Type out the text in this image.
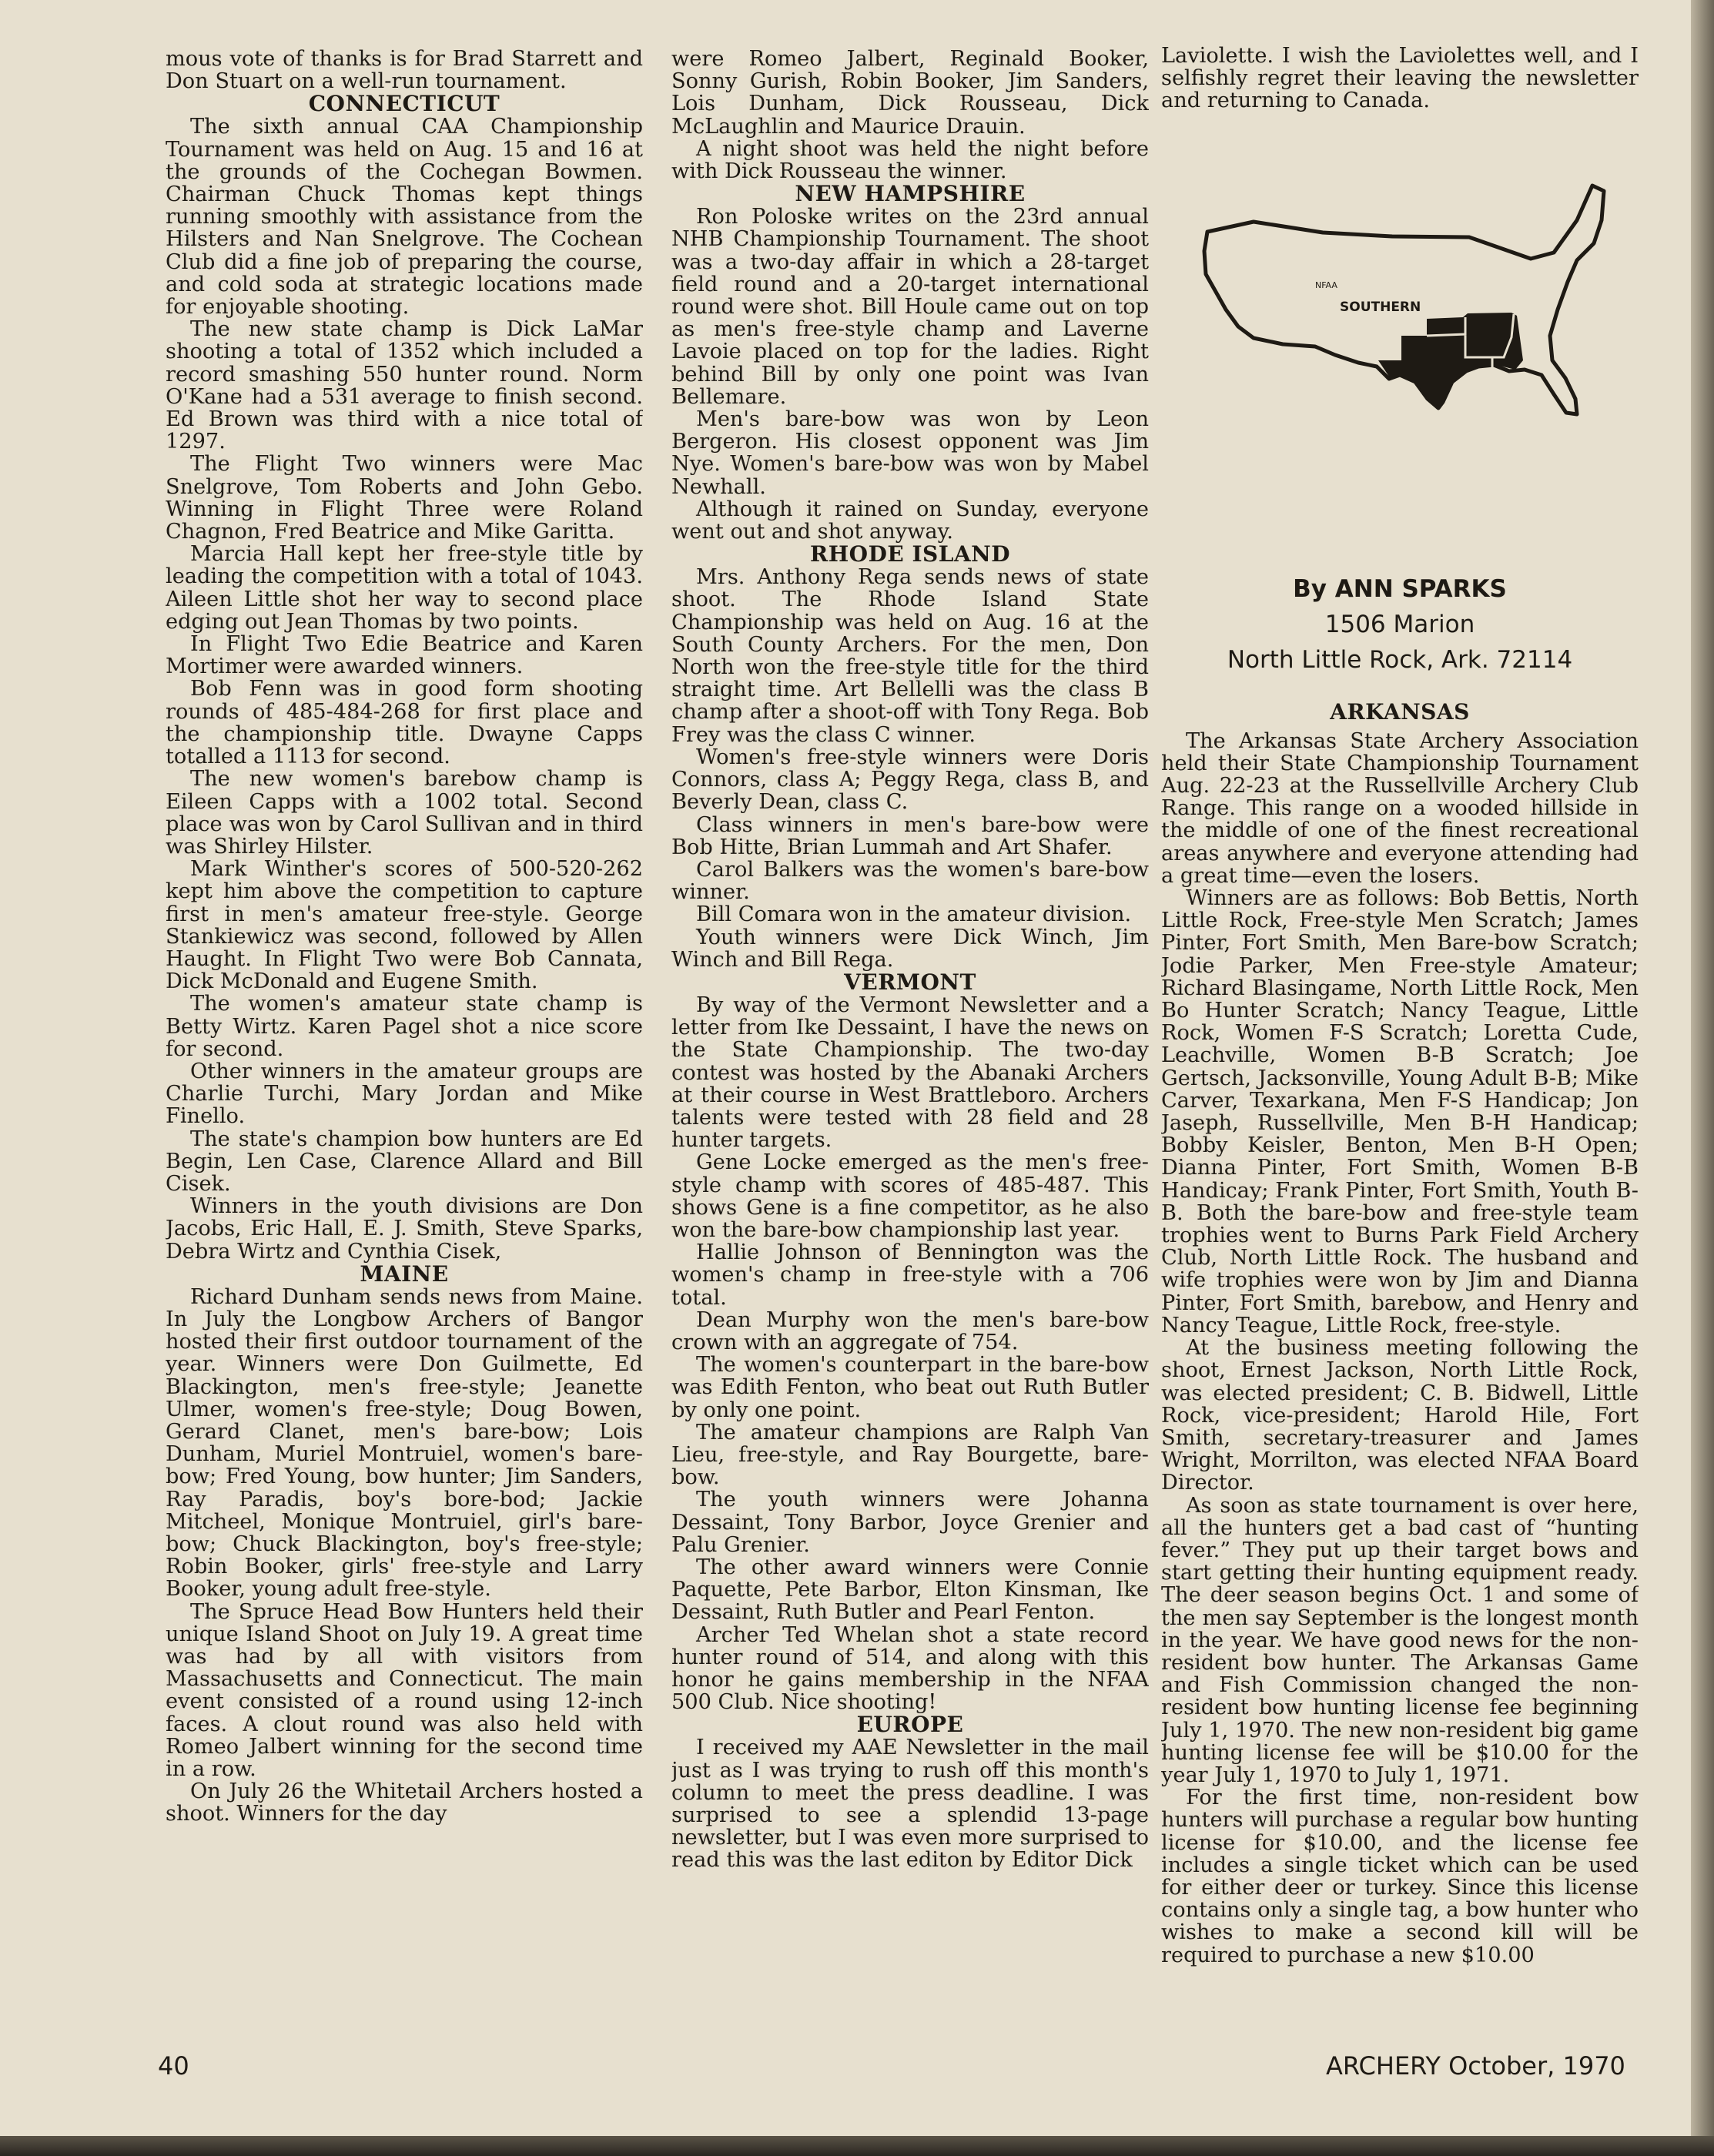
mous vote of thanks is for Brad Starrett and Don Stuart on a well-run tournament.

CONNECTICUT

The sixth annual CAA Championship Tournament was held on Aug. 15 and 16 at the grounds of the Cochegan Bowmen. Chairman Chuck Thomas kept things running smoothly with assistance from the Hilsters and Nan Snelgrove. The Cochean Club did a fine job of preparing the course, and cold soda at strategic locations made for enjoyable shooting.

The new state champ is Dick LaMar shooting a total of 1352 which included a record smashing 550 hunter round. Norm O'Kane had a 531 average to finish second. Ed Brown was third with a nice total of 1297.

The Flight Two winners were Mac Snelgrove, Tom Roberts and John Gebo. Winning in Flight Three were Roland Chagnon, Fred Beatrice and Mike Garitta.

Marcia Hall kept her free-style title by leading the competition with a total of 1043. Aileen Little shot her way to second place edging out Jean Thomas by two points.

In Flight Two Edie Beatrice and Karen Mortimer were awarded winners.

Bob Fenn was in good form shooting rounds of 485-484-268 for first place and the championship title. Dwayne Capps totalled a 1113 for second.

The new women's barebow champ is Eileen Capps with a 1002 total. Second place was won by Carol Sullivan and in third was Shirley Hilster.

Mark Winther's scores of 500-520-262 kept him above the competition to capture first in men's amateur free-style. George Stankiewicz was second, followed by Allen Haught. In Flight Two were Bob Cannata, Dick McDonald and Eugene Smith.

The women's amateur state champ is Betty Wirtz. Karen Pagel shot a nice score for second.

Other winners in the amateur groups are Charlie Turchi, Mary Jordan and Mike Finello.

The state's champion bow hunters are Ed Begin, Len Case, Clarence Allard and Bill Cisek.

Winners in the youth divisions are Don Jacobs, Eric Hall, E. J. Smith, Steve Sparks, Debra Wirtz and Cynthia Cisek,

MAINE

Richard Dunham sends news from Maine. In July the Longbow Archers of Bangor hosted their first outdoor tournament of the year. Winners were Don Guilmette, Ed Blackington, men's free-style; Jeanette Ulmer, women's free-style; Doug Bowen, Gerard Clanet, men's bare-bow; Lois Dunham, Muriel Montruiel, women's bare-bow; Fred Young, bow hunter; Jim Sanders, Ray Paradis, boy's bore-bod; Jackie Mitcheel, Monique Montruiel, girl's bare-bow; Chuck Blackington, boy's free-style; Robin Booker, girls' free-style and Larry Booker, young adult free-style.

The Spruce Head Bow Hunters held their unique Island Shoot on July 19. A great time was had by all with visitors from Massachusetts and Connecticut. The main event consisted of a round using 12-inch faces. A clout round was also held with Romeo Jalbert winning for the second time in a row.

On July 26 the Whitetail Archers hosted a shoot. Winners for the day

were Romeo Jalbert, Reginald Booker, Sonny Gurish, Robin Booker, Jim Sanders, Lois Dunham, Dick Rousseau, Dick McLaughlin and Maurice Drauin.

A night shoot was held the night before with Dick Rousseau the winner.

NEW HAMPSHIRE

Ron Poloske writes on the 23rd annual NHB Championship Tournament. The shoot was a two-day affair in which a 28-target field round and a 20-target international round were shot. Bill Houle came out on top as men's free-style champ and Laverne Lavoie placed on top for the ladies. Right behind Bill by only one point was Ivan Bellemare.

Men's bare-bow was won by Leon Bergeron. His closest opponent was Jim Nye. Women's bare-bow was won by Mabel Newhall.

Although it rained on Sunday, everyone went out and shot anyway.

RHODE ISLAND

Mrs. Anthony Rega sends news of state shoot. The Rhode Island State Championship was held on Aug. 16 at the South County Archers. For the men, Don North won the free-style title for the third straight time. Art Bellelli was the class B champ after a shoot-off with Tony Rega. Bob Frey was the class C winner.

Women's free-style winners were Doris Connors, class A; Peggy Rega, class B, and Beverly Dean, class C.

Class winners in men's bare-bow were Bob Hitte, Brian Lummah and Art Shafer.

Carol Balkers was the women's bare-bow winner.

Bill Comara won in the amateur division.

Youth winners were Dick Winch, Jim Winch and Bill Rega.

VERMONT

By way of the Vermont Newsletter and a letter from Ike Dessaint, I have the news on the State Championship. The two-day contest was hosted by the Abanaki Archers at their course in West Brattleboro. Archers talents were tested with 28 field and 28 hunter targets.

Gene Locke emerged as the men's free-style champ with scores of 485-487. This shows Gene is a fine competitor, as he also won the bare-bow championship last year.

Hallie Johnson of Bennington was the women's champ in free-style with a 706 total.

Dean Murphy won the men's bare-bow crown with an aggregate of 754.

The women's counterpart in the bare-bow was Edith Fenton, who beat out Ruth Butler by only one point.

The amateur champions are Ralph Van Lieu, free-style, and Ray Bourgette, bare-bow.

The youth winners were Johanna Dessaint, Tony Barbor, Joyce Grenier and Palu Grenier.

The other award winners were Connie Paquette, Pete Barbor, Elton Kinsman, Ike Dessaint, Ruth Butler and Pearl Fenton.

Archer Ted Whelan shot a state record hunter round of 514, and along with this honor he gains membership in the NFAA 500 Club. Nice shooting!

EUROPE

I received my AAE Newsletter in the mail just as I was trying to rush off this month's column to meet the press deadline. I was surprised to see a splendid 13-page newsletter, but I was even more surprised to read this was the last editon by Editor Dick

Laviolette. I wish the Laviolettes well, and I selfishly regret their leaving the newsletter and returning to Canada.

NFAA
SOUTHERN
By ANN SPARKS
1506 Marion
North Little Rock, Ark. 72114
ARKANSAS

The Arkansas State Archery Association held their State Championship Tournament Aug. 22-23 at the Russellville Archery Club Range. This range on a wooded hillside in the middle of one of the finest recreational areas anywhere and everyone attending had a great time—even the losers.

Winners are as follows: Bob Bettis, North Little Rock, Free-style Men Scratch; James Pinter, Fort Smith, Men Bare-bow Scratch; Jodie Parker, Men Free-style Amateur; Richard Blasingame, North Little Rock, Men Bo Hunter Scratch; Nancy Teague, Little Rock, Women F-S Scratch; Loretta Cude, Leachville, Women B-B Scratch; Joe Gertsch, Jacksonville, Young Adult B-B; Mike Carver, Texarkana, Men F-S Handicap; Jon Jaseph, Russellville, Men B-H Handicap; Bobby Keisler, Benton, Men B-H Open; Dianna Pinter, Fort Smith, Women B-B Handicay; Frank Pinter, Fort Smith, Youth B-B. Both the bare-bow and free-style team trophies went to Burns Park Field Archery Club, North Little Rock. The husband and wife trophies were won by Jim and Dianna Pinter, Fort Smith, barebow, and Henry and Nancy Teague, Little Rock, free-style.

At the business meeting following the shoot, Ernest Jackson, North Little Rock, was elected president; C. B. Bidwell, Little Rock, vice-president; Harold Hile, Fort Smith, secretary-treasurer and James Wright, Morrilton, was elected NFAA Board Director.

As soon as state tournament is over here, all the hunters get a bad cast of “hunting fever.” They put up their target bows and start getting their hunting equipment ready. The deer season begins Oct. 1 and some of the men say September is the longest month in the year. We have good news for the non-resident bow hunter. The Arkansas Game and Fish Commission changed the non-resident bow hunting license fee beginning July 1, 1970. The new non-resident big game hunting license fee will be $10.00 for the year July 1, 1970 to July 1, 1971.

For the first time, non-resident bow hunters will purchase a regular bow hunting license for $10.00, and the license fee includes a single ticket which can be used for either deer or turkey. Since this license contains only a single tag, a bow hunter who wishes to make a second kill will be required to purchase a new $10.00

40	ARCHERY October, 1970
